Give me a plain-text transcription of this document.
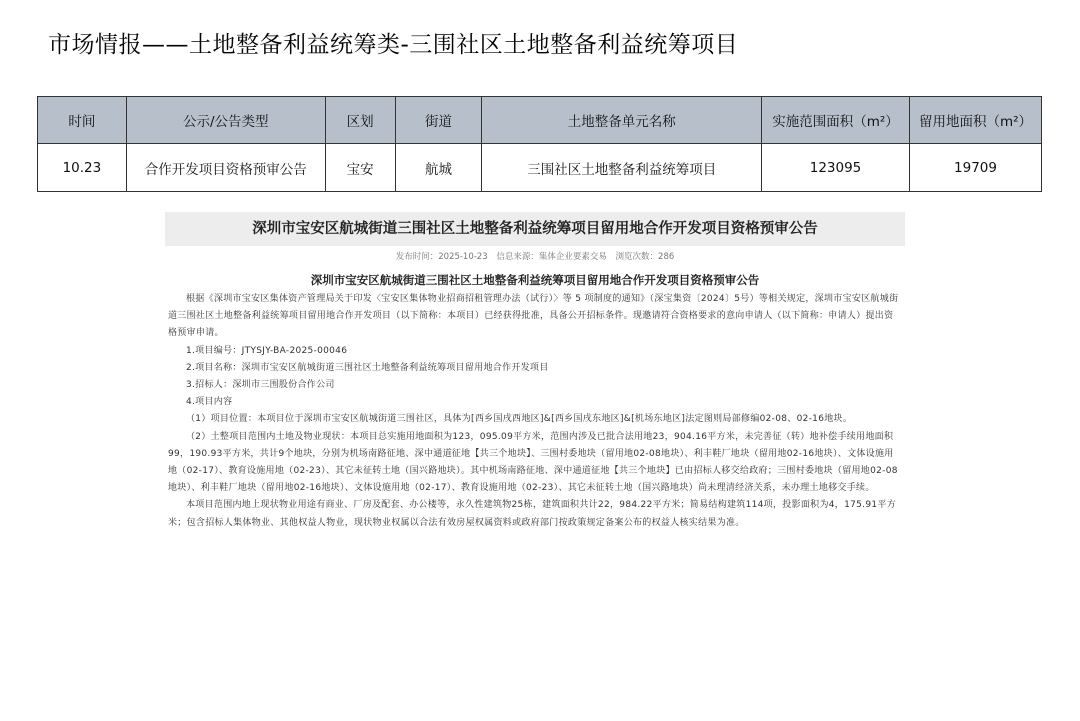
市场情报——土地整备利益统筹类-三围社区土地整备利益统筹项目
时间	公示/公告类型	区划	街道	土地整备单元名称	实施范围面积（m²）	留用地面积（m²）
10.23	合作开发项目资格预审公告	宝安	航城	三围社区土地整备利益统筹项目	123095	19709
深圳市宝安区航城街道三围社区土地整备利益统筹项目留用地合作开发项目资格预审公告
发布时间：2025-10-23 信息来源：集体企业要素交易 浏览次数：286
深圳市宝安区航城街道三围社区土地整备利益统筹项目留用地合作开发项目资格预审公告

根据《深圳市宝安区集体资产管理局关于印发〈宝安区集体物业招商招租管理办法（试行）〉等 5 项制度的通知》（深宝集资〔2024〕5号）等相关规定，深圳市宝安区航城街道三围社区土地整备利益统筹项目留用地合作开发项目（以下简称：本项目）已经获得批准，具备公开招标条件。现邀请符合资格要求的意向申请人（以下简称：申请人）提出资格预审申请。

1.项目编号：JTYSJY-BA-2025-00046

2.项目名称：深圳市宝安区航城街道三围社区土地整备利益统筹项目留用地合作开发项目

3.招标人：深圳市三围股份合作公司

4.项目内容

（1）项目位置：本项目位于深圳市宝安区航城街道三围社区，具体为[西乡国戌西地区]&[西乡国戌东地区]&[机场东地区]法定图则局部修编02-08、02-16地块。

（2）土整项目范围内土地及物业现状：本项目总实施用地面积为123，095.09平方米，范围内涉及已批合法用地23，904.16平方米，未完善征（转）地补偿手续用地面积99，190.93平方米，共计9个地块，分别为机场南路征地、深中通道征地【共三个地块】、三围村委地块（留用地02-08地块）、利丰鞋厂地块（留用地02-16地块）、文体设施用地（02-17）、教育设施用地（02-23）、其它未征转土地（国兴路地块）。其中机场南路征地、深中通道征地【共三个地块】已由招标人移交给政府；三围村委地块（留用地02-08地块）、利丰鞋厂地块（留用地02-16地块）、文体设施用地（02-17）、教育设施用地（02-23）、其它未征转土地（国兴路地块）尚未理清经济关系，未办理土地移交手续。

本项目范围内地上现状物业用途有商业、厂房及配套、办公楼等，永久性建筑物25栋，建筑面积共计22，984.22平方米；简易结构建筑114项，投影面积为4，175.91平方米；包含招标人集体物业、其他权益人物业，现状物业权属以合法有效房屋权属资料或政府部门按政策规定备案公布的权益人核实结果为准。
